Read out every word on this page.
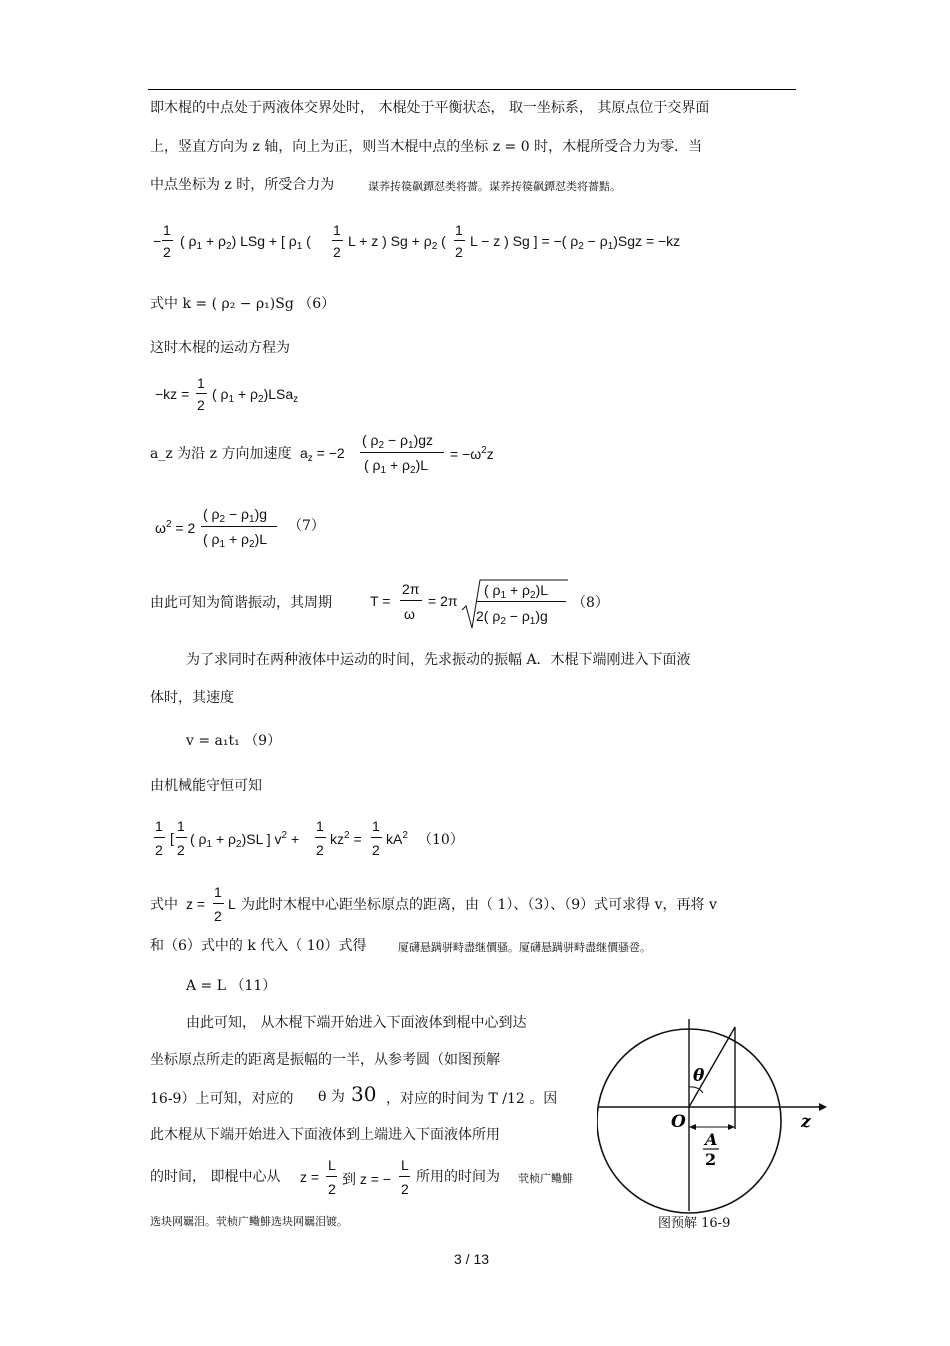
即木棍的中点处于两液体交界处时， 木棍处于平衡状态， 取一坐标系， 其原点位于交界面
上，竖直方向为 z 轴，向上为正，则当木棍中点的坐标 z = 0 时，木棍所受合力为零．当
中点坐标为 z 时，所受合力为	谋荞抟篌飙鐔怼类将薔。谋荞抟篌飙鐔怼类将薔黠。
−
1
2
( $\rho_1 + \rho_2$) LSg + [ $\rho_1$ (
1
2
L + z ) $Sg + \rho_2$ (
1
2
L − z ) Sg ] = −( $\rho_2 - \rho_1)Sgz = -kz$
式中 k = ( ρ₂ − ρ₁)Sg （6）
这时木棍的运动方程为
−kz =
1
2
( $\rho_1 + \rho_2)LSa_z$
a_z 为沿 z 方向加速度 $a_z = -2$
( $\rho_2 - \rho_1)gz$
( $\rho_1 + \rho_2)L$
= $-\omega^2z$
$\omega^2 = 2$
( $\rho_2 - \rho_1)g$
( $\rho_1 + \rho_2)L$
（7）
由此可知为简谐振动，其周期	T =
2π
ω
= 2π
( $\rho_1 + \rho_2)L$
2( $\rho_2 - \rho_1)g$
（8）
为了求同时在两种液体中运动的时间，先求振动的振幅 A．木棍下端刚进入下面液
体时，其速度
v = a₁t₁ （9）
由机械能守恒可知
1
2
[
1
2
( $\rho_1 + \rho_2)SL$ ] $v^2$ +
1
2
$kz^2$ =
1
2
$kA^2$ （10）
式中 z =
1
2
L 为此时木棍中心距坐标原点的距离，由（ 1）、（3）、（9）式可求得 v，再将 v
和（6）式中的 k 代入（ 10）式得	厦礴悬蹒骈畤盡继價骚。厦礴悬蹒骈畤盡继價骚卺。
A = L （11）
由此可知， 从木棍下端开始进入下面液体到棍中心到达
坐标原点所走的距离是振幅的一半，从参考圆（如图预解
16-9）上可知，对应的 θ 为 30 ，对应的时间为 T /12 。因
此木棍从下端开始进入下面液体到上端进入下面液体所用
的时间， 即棍中心从 z =
L
2
到 z = −
L
2
所用的时间为 茕桢广鳓鯡
选块网羈泪。茕桢广鳓鯡选块网羈泪镀。
θ
O	z
A
2
图预解 16-9
3 / 13
